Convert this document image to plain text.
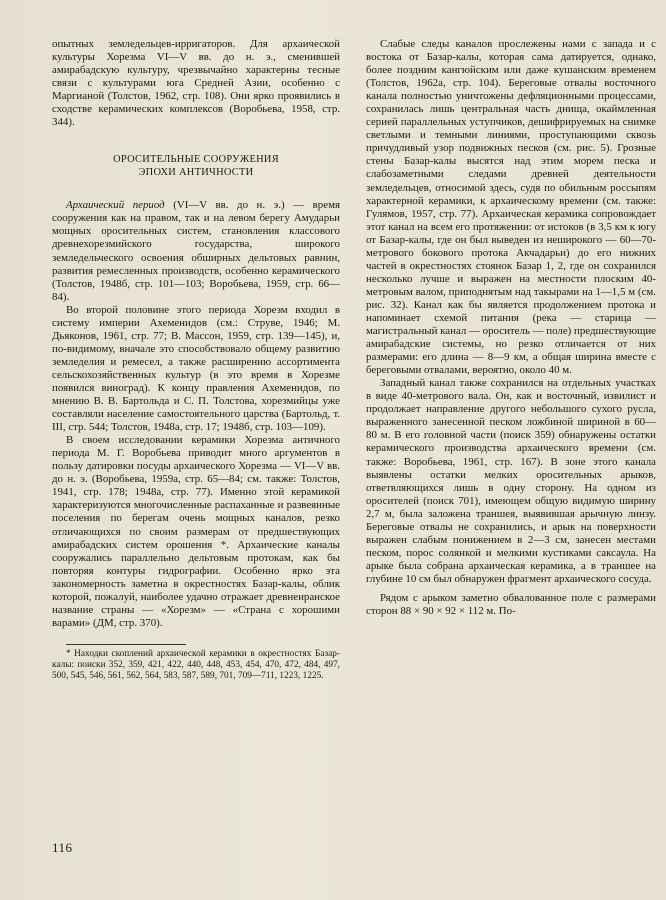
опытных земледельцев-ирригаторов. Для архаической культуры Хорезма VI—V вв. до н. э., сменившей амирабадскую культуру, чрезвычайно характерны тесные связи с культурами юга Средней Азии, особенно с Маргианой (Толстов, 1962, стр. 108). Они ярко проявились в сходстве керамических комплексов (Воробьева, 1958, стр. 344).

ОРОСИТЕЛЬНЫЕ СООРУЖЕНИЯ
ЭПОХИ АНТИЧНОСТИ

Архаический период (VI—V вв. до н. э.) — время сооружения как на правом, так и на левом берегу Амударьи мощных оросительных систем, становления классового древнехорезмийского государства, широкого земледельческого освоения обширных дельтовых равнин, развития ремесленных производств, особенно керамического (Толстов, 1948б, стр. 101—103; Воробьева, 1959, стр. 66—84).

Во второй половине этого периода Хорезм входил в систему империи Ахеменидов (см.: Струве, 1946; М. Дьяконов, 1961, стр. 77; В. Массон, 1959, стр. 139—145), и, по-видимому, вначале это способствовало общему развитию земледелия и ремесел, а также расширению ассортимента сельскохозяйственных культур (в это время в Хорезме появился виноград). К концу правления Ахеменидов, по мнению В. В. Бартольда и С. П. Толстова, хорезмийцы уже составляли население самостоятельного царства (Бартольд, т. III, стр. 544; Толстов, 1948а, стр. 17; 1948б, стр. 103—109).

В своем исследовании керамики Хорезма античного периода М. Г. Воробьева приводит много аргументов в пользу датировки посуды архаического Хорезма — VI—V вв. до н. э. (Воробьева, 1959а, стр. 65—84; см. также: Толстов, 1941, стр. 178; 1948а, стр. 77). Именно этой керамикой характеризуются многочисленные распаханные и развеянные поселения по берегам очень мощных каналов, резко отличающихся по своим размерам от предшествующих амирабадских систем орошения *. Архаические каналы сооружались параллельно дельтовым протокам, как бы повторяя контуры гидрографии. Особенно ярко эта закономерность заметна в окрестностях Базар-калы, облик которой, пожалуй, наиболее удачно отражает древнеиранское название страны — «Хорезм» — «Страна с хорошими варами» (ДМ, стр. 370).

* Находки скоплений архаической керамики в окрестностях Базар-калы: поиски 352, 359, 421, 422, 440, 448, 453, 454, 470, 472, 484, 497, 500, 545, 546, 561, 562, 564, 583, 587, 589, 701, 709—711, 1223, 1225.

Слабые следы каналов прослежены нами с запада и с востока от Базар-калы, которая сама датируется, однако, более поздним кангюйским или даже кушанским временем (Толстов, 1962а, стр. 104). Береговые отвалы восточного канала полностью уничтожены дефляционными процессами, сохранилась лишь центральная часть днища, окаймленная серией параллельных уступчиков, дешифрируемых на снимке светлыми и темными линиями, проступающими сквозь причудливый узор подвижных песков (см. рис. 5). Грозные стены Базар-калы высятся над этим морем песка и слабозаметными следами древней деятельности земледельцев, относимой здесь, судя по обильным россыпям характерной керамики, к архаическому времени (см. также: Гулямов, 1957, стр. 77). Архаическая керамика сопровождает этот канал на всем его протяжении: от истоков (в 3,5 км к югу от Базар-калы, где он был выведен из неширокого — 60—70-метрового бокового протока Акчадарьи) до его нижних частей в окрестностях стоянок Базар 1, 2, где он сохранился несколько лучше и выражен на местности плоским 40-метровым валом, приподнятым над такырами на 1—1,5 м (см. рис. 32). Канал как бы является продолжением протока и напоминает схемой питания (река — старица — магистральный канал — ороситель — поле) предшествующие амирабадские системы, но резко отличается от них размерами: его длина — 8—9 км, а общая ширина вместе с береговыми отвалами, вероятно, около 40 м.

Западный канал также сохранился на отдельных участках в виде 40-метрового вала. Он, как и восточный, извилист и продолжает направление другого небольшого сухого русла, выраженного занесенной песком ложбиной шириной в 60—80 м. В его головной части (поиск 359) обнаружены остатки керамического производства архаического времени (см. также: Воробьева, 1961, стр. 167). В зоне этого канала выявлены остатки мелких оросительных арыков, ответвляющихся лишь в одну сторону. На одном из оросителей (поиск 701), имеющем общую видимую ширину 2,7 м, была заложена траншея, выявившая арычную линзу. Береговые отвалы не сохранились, и арык на поверхности выражен слабым понижением в 2—3 см, занесен местами песком, порос солянкой и мелкими кустиками саксаула. На арыке была собрана архаическая керамика, а в траншее на глубине 10 см был обнаружен фрагмент архаического сосуда.

Рядом с арыком заметно обвалованное поле с размерами сторон 88 × 90 × 92 × 112 м. По-

116
